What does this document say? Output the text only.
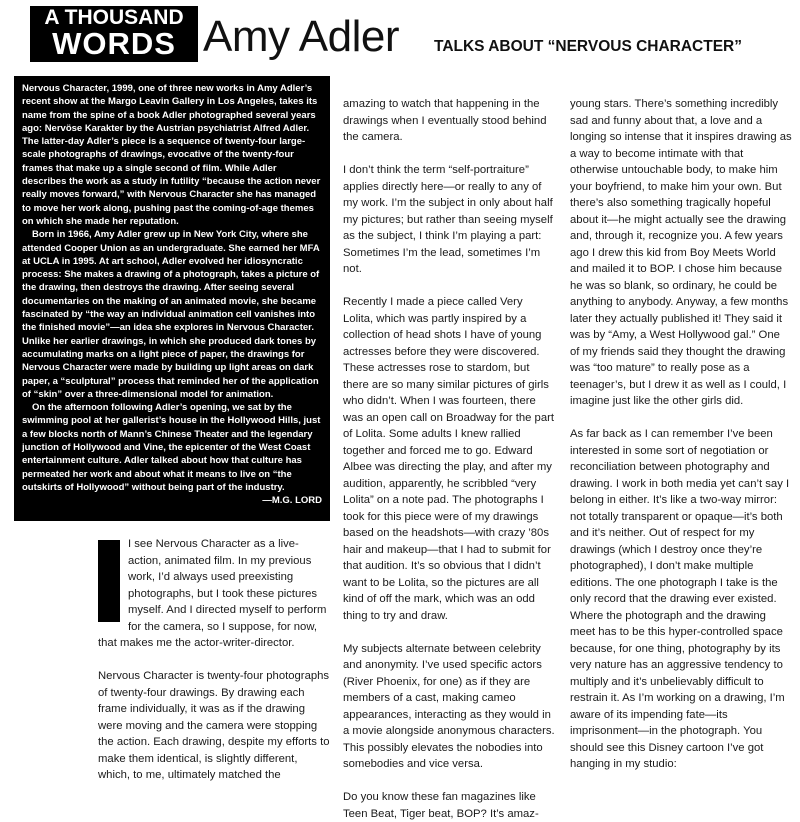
A THOUSAND
WORDS Amy Adler TALKS ABOUT “NERVOUS CHARACTER”

Nervous Character, 1999, one of three new works in Amy Adler’s recent show at the Margo Leavin Gallery in Los Angeles, takes its name from the spine of a book Adler photographed several years ago: Nervöse Karakter by the Austrian psychiatrist Alfred Adler. The latter-day Adler’s piece is a sequence of twenty-four large-scale photographs of drawings, evocative of the twenty-four frames that make up a single second of film. While Adler describes the work as a study in futility “because the action never really moves forward,” with Nervous Character she has managed to move her work along, pushing past the coming-of-age themes on which she made her reputation.

Born in 1966, Amy Adler grew up in New York City, where she attended Cooper Union as an undergraduate. She earned her MFA at UCLA in 1995. At art school, Adler evolved her idiosyncratic process: She makes a drawing of a photograph, takes a picture of the drawing, then destroys the drawing. After seeing several documentaries on the making of an animated movie, she became fascinated by “the way an individual animation cell vanishes into the finished movie”—an idea she explores in Nervous Character. Unlike her earlier drawings, in which she produced dark tones by accumulating marks on a light piece of paper, the drawings for Nervous Character were made by building up light areas on dark paper, a “sculptural” process that reminded her of the application of “skin” over a three-dimensional model for animation.

On the afternoon following Adler’s opening, we sat by the swimming pool at her gallerist’s house in the Hollywood Hills, just a few blocks north of Mann’s Chinese Theater and the legendary junction of Hollywood and Vine, the epicenter of the West Coast entertainment culture. Adler talked about how that culture has permeated her work and about what it means to live on “the outskirts of Hollywood” without being part of the industry.

—M.G. LORD

I see Nervous Character as a live-action, animated film. In my previous work, I’d always used preexisting photographs, but I took these pictures myself. And I directed myself to perform for the camera, so I suppose, for now, that makes me the actor-writer-director.

Nervous Character is twenty-four photographs of twenty-four drawings. By drawing each frame individually, it was as if the drawing were moving and the camera were stopping the action. Each drawing, despite my efforts to make them identical, is slightly different, which, to me, ultimately matched the

amazing to watch that happening in the drawings when I eventually stood behind the camera.

I don’t think the term “self-portraiture” applies directly here—or really to any of my work. I’m the subject in only about half my pictures; but rather than seeing myself as the subject, I think I’m playing a part: Sometimes I’m the lead, sometimes I’m not.

Recently I made a piece called Very Lolita, which was partly inspired by a collection of head shots I have of young actresses before they were discovered. These actresses rose to stardom, but there are so many similar pictures of girls who didn’t. When I was fourteen, there was an open call on Broadway for the part of Lolita. Some adults I knew rallied together and forced me to go. Edward Albee was directing the play, and after my audition, apparently, he scribbled “very Lolita” on a note pad. The photographs I took for this piece were of my drawings based on the headshots—with crazy ’80s hair and makeup—that I had to submit for that audition. It’s so obvious that I didn’t want to be Lolita, so the pictures are all kind of off the mark, which was an odd thing to try and draw.

My subjects alternate between celebrity and anonymity. I’ve used specific actors (River Phoenix, for one) as if they are members of a cast, making cameo appearances, interacting as they would in a movie alongside anonymous characters. This possibly elevates the nobodies into somebodies and vice versa.

Do you know these fan magazines like Teen Beat, Tiger beat, BOP? It’s amaz-

young stars. There’s something incredibly sad and funny about that, a love and a longing so intense that it inspires drawing as a way to become intimate with that otherwise untouchable body, to make him your boyfriend, to make him your own. But there’s also something tragically hopeful about it—he might actually see the drawing and, through it, recognize you. A few years ago I drew this kid from Boy Meets World and mailed it to BOP. I chose him because he was so blank, so ordinary, he could be anything to anybody. Anyway, a few months later they actually published it! They said it was by “Amy, a West Hollywood gal.” One of my friends said they thought the drawing was “too mature” to really pose as a teenager’s, but I drew it as well as I could, I imagine just like the other girls did.

As far back as I can remember I’ve been interested in some sort of negotiation or reconciliation between photography and drawing. I work in both media yet can’t say I belong in either. It’s like a two-way mirror: not totally transparent or opaque—it’s both and it’s neither. Out of respect for my drawings (which I destroy once they’re photographed), I don’t make multiple editions. The one photograph I take is the only record that the drawing ever existed. Where the photograph and the drawing meet has to be this hyper-controlled space because, for one thing, photography by its very nature has an aggressive tendency to multiply and it’s unbelievably difficult to restrain it. As I’m working on a drawing, I’m aware of its impending fate—its imprisonment—in the photograph. You should see this Disney cartoon I’ve got hanging in my studio:
